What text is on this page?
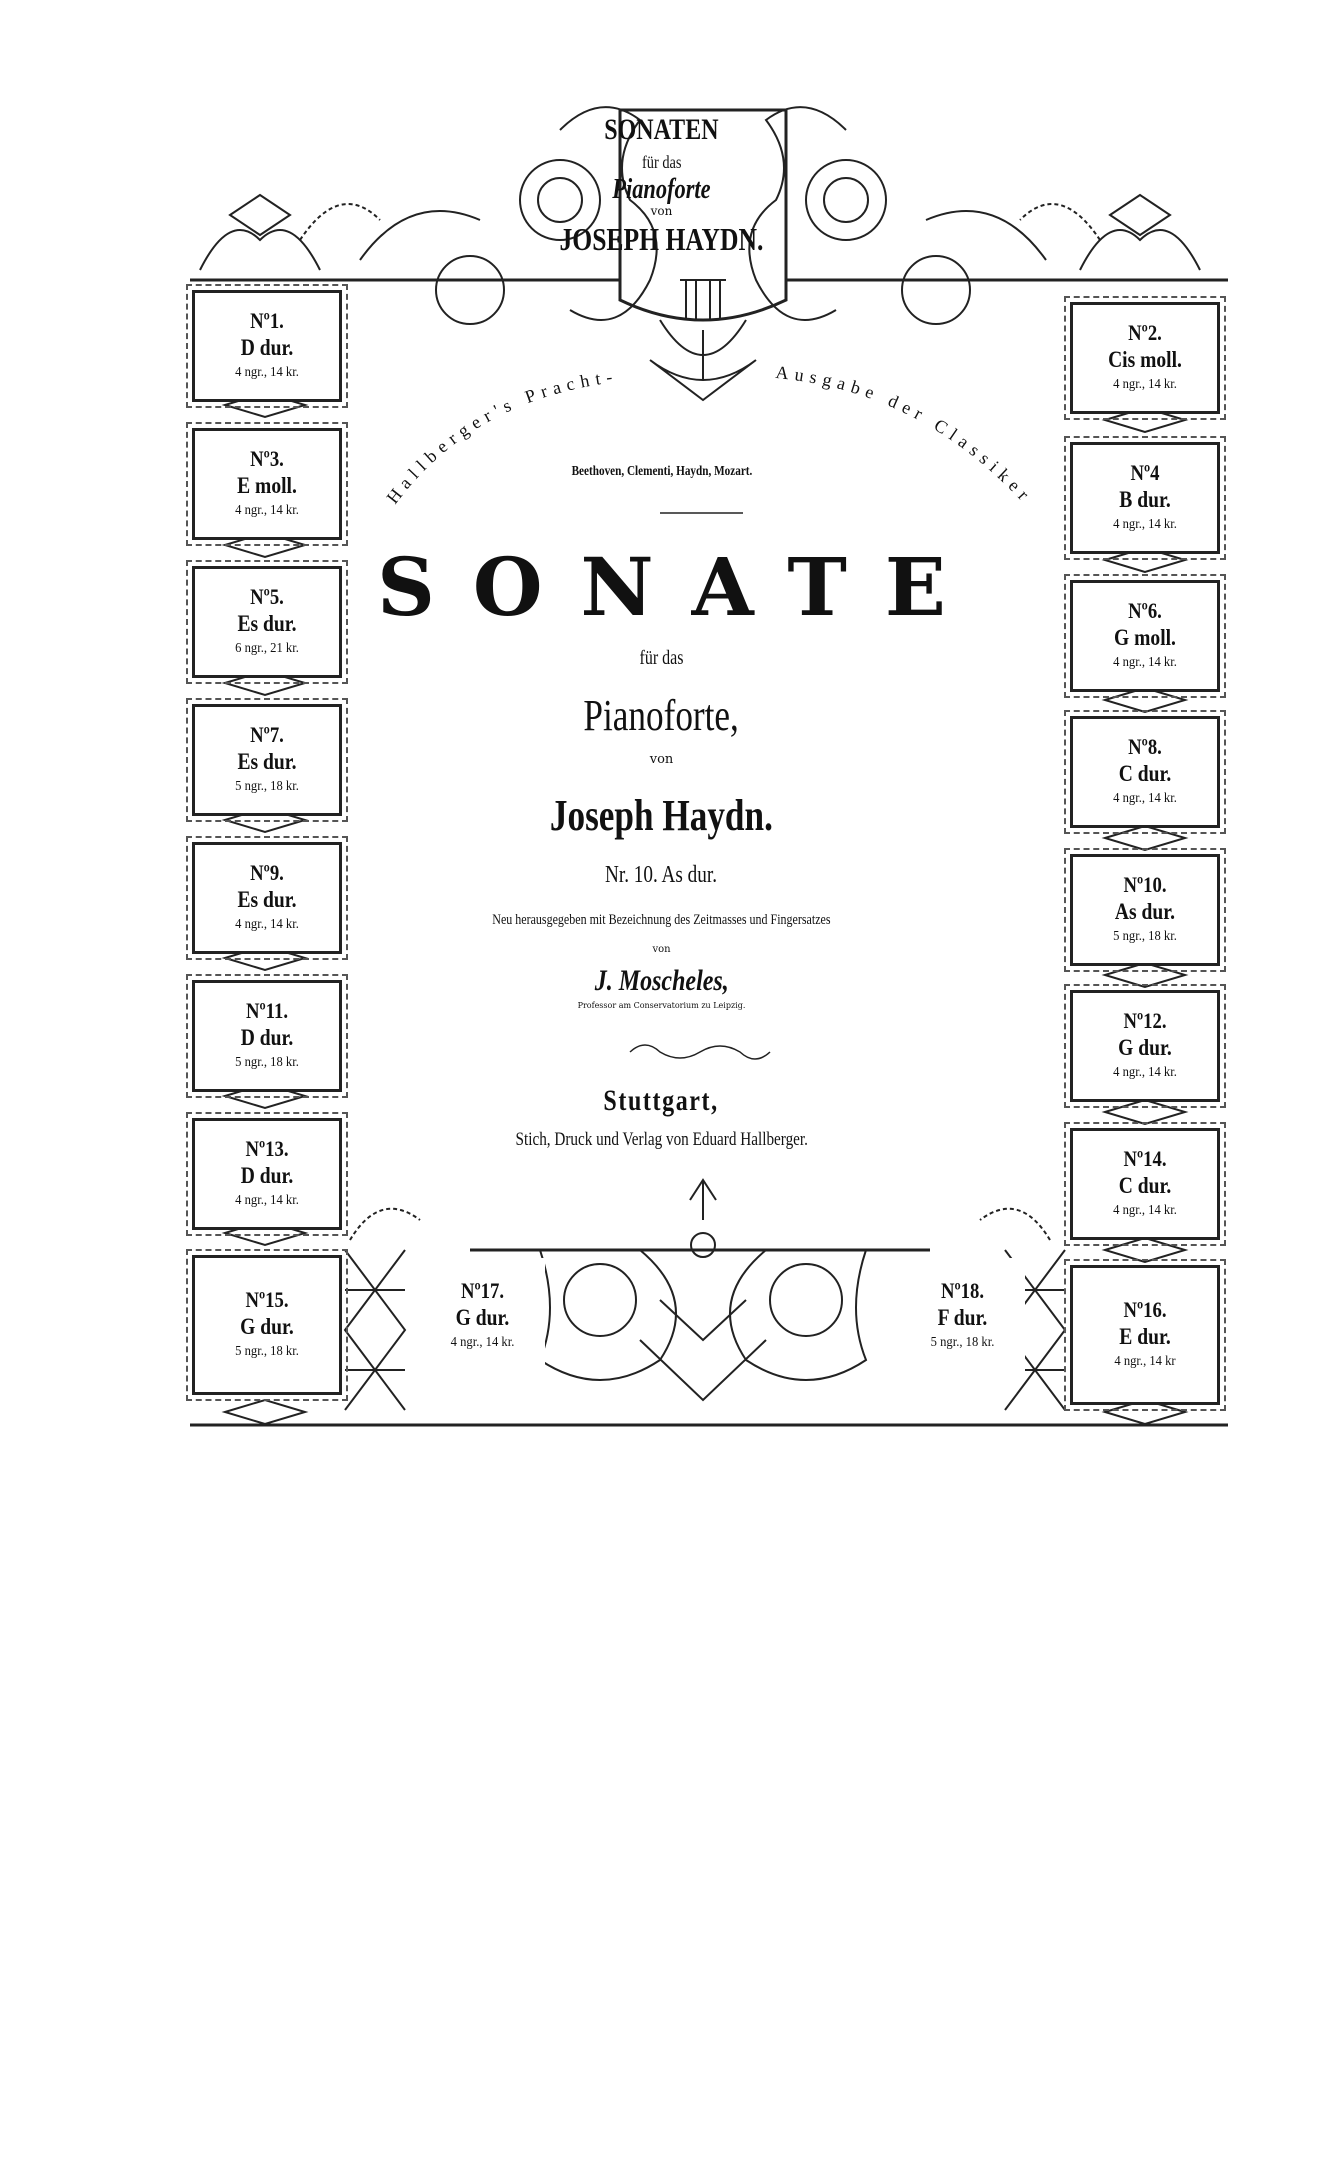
SONATEN
für das
Pianoforte
von
JOSEPH HAYDN.
Hallberger's Pracht-	Ausgabe der Classiker
Beethoven, Clementi, Haydn, Mozart.
SONATE
für das
Pianoforte,
von
Joseph Haydn.
Nr. 10. As dur.
Neu herausgegeben mit Bezeichnung des Zeitmasses und Fingersatzes
von
J. Moscheles,
Professor am Conservatorium zu Leipzig.
Stuttgart,
Stich, Druck und Verlag von Eduard Hallberger.
Nº1.
D dur.
4 ngr., 14 kr.
Nº2.
Cis moll.
4 ngr., 14 kr.
Nº3.
E moll.
4 ngr., 14 kr.
Nº4
B dur.
4 ngr., 14 kr.
Nº5.
Es dur.
6 ngr., 21 kr.
Nº6.
G moll.
4 ngr., 14 kr.
Nº7.
Es dur.
5 ngr., 18 kr.
Nº8.
C dur.
4 ngr., 14 kr.
Nº9.
Es dur.
4 ngr., 14 kr.
Nº10.
As dur.
5 ngr., 18 kr.
Nº11.
D dur.
5 ngr., 18 kr.
Nº12.
G dur.
4 ngr., 14 kr.
Nº13.
D dur.
4 ngr., 14 kr.
Nº14.
C dur.
4 ngr., 14 kr.
Nº15.
G dur.
5 ngr., 18 kr.
Nº16.
E dur.
4 ngr., 14 kr
Nº17.
G dur.
4 ngr., 14 kr.
Nº18.
F dur.
5 ngr., 18 kr.
